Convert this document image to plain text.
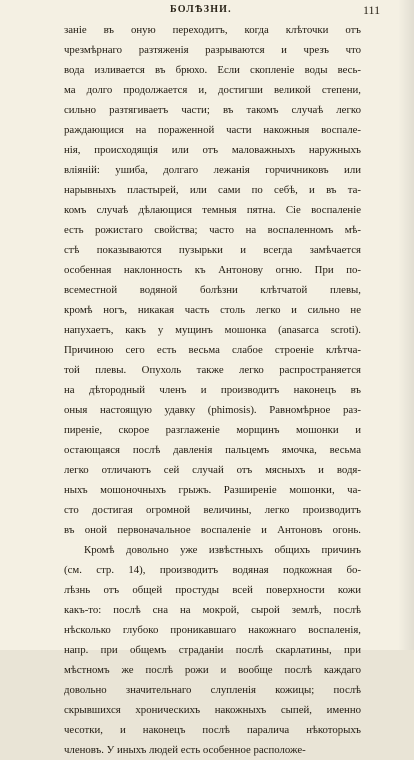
БОЛѢЗНИ.	111
заніе въ оную переходитъ, когда клѣточки отъ
чрезмѣрнаго разтяженія разрываются и чрезъ что
вода изливается въ брюхо. Если скопленіе воды весь-
ма долго продолжается и, достигши великой степени,
сильно разтягиваетъ части; въ такомъ случаѣ легко
раждающися на пораженной части накожныя воспале-
нія, происходящія или отъ маловажныхъ наружныхъ
вліяній: ушиба, долгаго лежанія горчичниковъ или
нарывныхъ пластырей, или сами по себѣ, и въ та-
комъ случаѣ дѣлающися темныя пятна. Сіе воспаленіе
есть рожистаго свойства; часто на воспаленномъ мѣ-
стѣ показываются пузырьки и всегда замѣчается
особенная наклонность къ Антонову огню. При по-
всеместной водяной болѣзни клѣтчатой плевы,
кромѣ ногъ, никакая часть столь легко и сильно не
напухаетъ, какъ у мущинъ мошонка (anasarca scroti).
Причиною сего есть весьма слабое строеніе клѣтча-
той плевы. Опухоль также легко распространяется
на дѣтородный членъ и производитъ наконецъ въ
оныя настоящую удавку (phimosis). Равномѣрное раз-
пиреніе, скорое разглаженіе морщинъ мошонки и
остающаяся послѣ давленія пальцемъ ямочка, весьма
легко отличаютъ сей случай отъ мясныхъ и водя-
ныхъ мошоночныхъ грыжъ. Разширеніе мошонки, ча-
сто достигая огромной величины, легко производитъ
въ оной первоначальное воспаленіе и Антоновъ огонь.
Кромѣ довольно уже извѣстныхъ общихъ причинъ
(см. стр. 14), производитъ водяная подкожная бо-
лѣзнь отъ общей простуды всей поверхности кожи
какъ-то: послѣ сна на мокрой, сырой землѣ, послѣ
нѣсколько глубоко проникавшаго накожнаго воспаленія,
напр. при общемъ страданіи послѣ скарлатины, при
мѣстномъ же послѣ рожи и вообще послѣ каждаго
довольно значительнаго слупленія кожицы; послѣ
скрывшихся хроническихъ накожныхъ сыпей, именно
чесотки, и наконецъ послѣ паралича нѣкоторыхъ
членовъ. У иныхъ людей есть особенное расположе-
